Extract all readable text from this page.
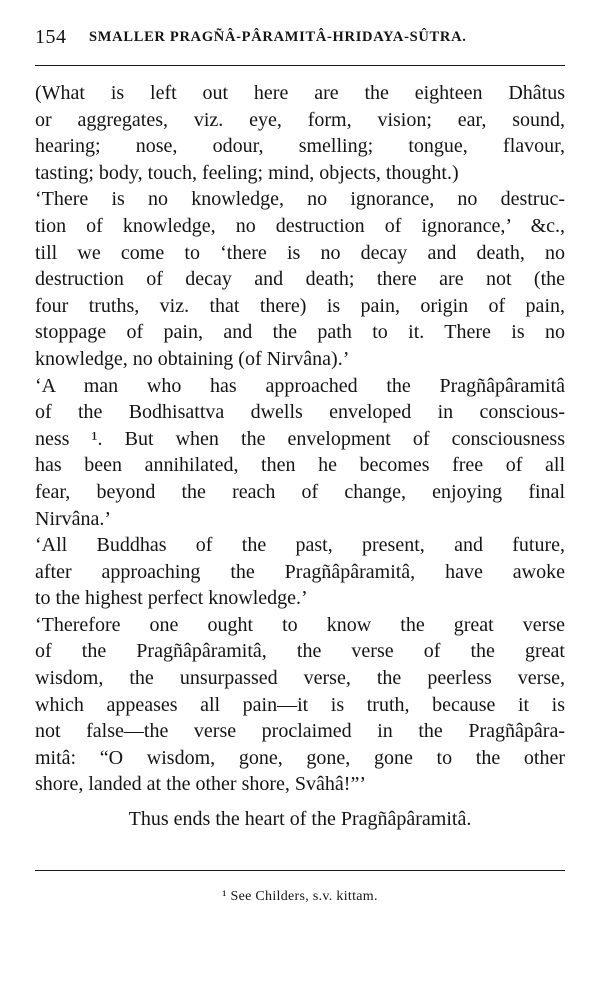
154 SMALLER PRAGÑÂ-PÂRAMITÂ-HRIDAYA-SÛTRA.
(What is left out here are the eighteen Dhâtus
or aggregates, viz. eye, form, vision; ear, sound,
hearing; nose, odour, smelling; tongue, flavour,
tasting; body, touch, feeling; mind, objects, thought.)
‘There is no knowledge, no ignorance, no destruc-
tion of knowledge, no destruction of ignorance,’ &c.,
till we come to ‘there is no decay and death, no
destruction of decay and death; there are not (the
four truths, viz. that there) is pain, origin of pain,
stoppage of pain, and the path to it. There is no
knowledge, no obtaining (of Nirvâna).’
‘A man who has approached the Pragñâpâramitâ
of the Bodhisattva dwells enveloped in conscious-
ness ¹. But when the envelopment of consciousness
has been annihilated, then he becomes free of all
fear, beyond the reach of change, enjoying final
Nirvâna.’
‘All Buddhas of the past, present, and future,
after approaching the Pragñâpâramitâ, have awoke
to the highest perfect knowledge.’
‘Therefore one ought to know the great verse
of the Pragñâpâramitâ, the verse of the great
wisdom, the unsurpassed verse, the peerless verse,
which appeases all pain—it is truth, because it is
not false—the verse proclaimed in the Pragñâpâra-
mitâ: “O wisdom, gone, gone, gone to the other
shore, landed at the other shore, Svâhâ!”’
Thus ends the heart of the Pragñâpâramitâ.
¹ See Childers, s.v. kittam.
